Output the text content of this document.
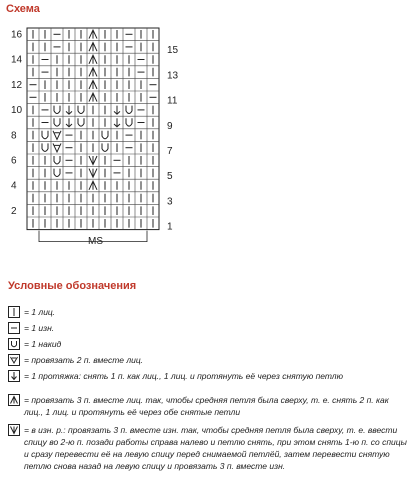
Схема
16
14
12
10
8
6
4
2
15
13
11
9
7
5
3
1
MS
Условные обозначения
= 1 лиц.
= 1 изн.
= 1 накид
= провязать 2 п. вместе лиц.
= 1 протяжка: снять 1 п. как лиц., 1 лиц. и протянуть её через снятую петлю
= провязать 3 п. вместе лиц. так, чтобы средняя петля была сверху, т. е. снять 2 п. как лиц., 1 лиц. и протянуть её через обе снятые петли
= в изн. р.: провязать 3 п. вместе изн. так, чтобы средняя петля была сверху, т. е. ввести спицу во 2-ю п. позади работы справа налево и петлю снять, при этом снять 1-ю п. со спицы и сразу перевести её на левую спицу перед снимаемой петлёй, затем перевести снятую петлю снова назад на левую спицу и провязать 3 п. вместе изн.
